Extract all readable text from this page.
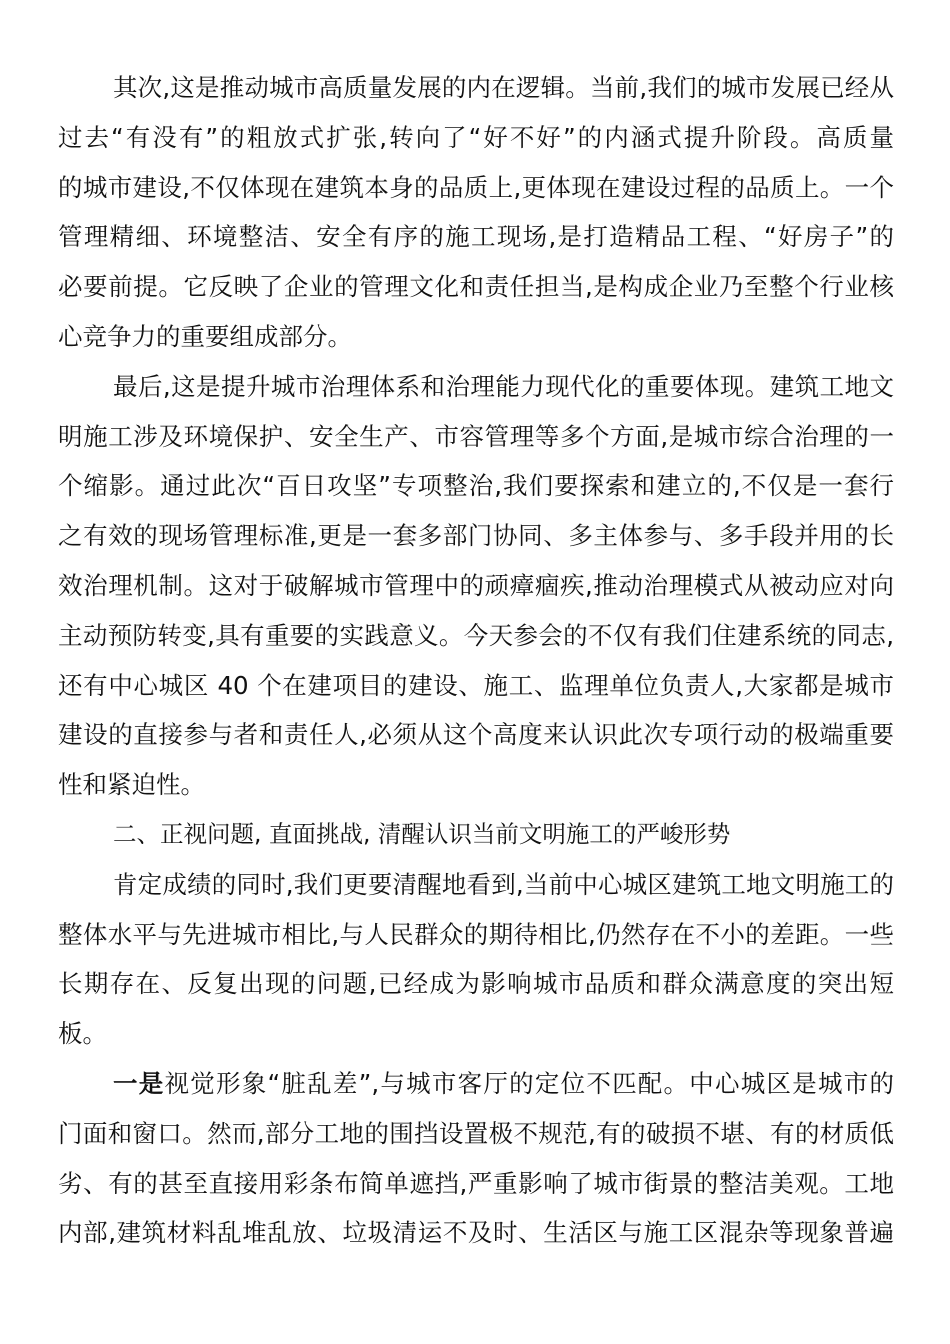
其次,这是推动城市高质量发展的内在逻辑。当前,我们的城市发展已经从
过去“有没有”的粗放式扩张,转向了“好不好”的内涵式提升阶段。高质量
的城市建设,不仅体现在建筑本身的品质上,更体现在建设过程的品质上。一个
管理精细、环境整洁、安全有序的施工现场,是打造精品工程、“好房子”的
必要前提。它反映了企业的管理文化和责任担当,是构成企业乃至整个行业核
心竞争力的重要组成部分。
最后,这是提升城市治理体系和治理能力现代化的重要体现。建筑工地文
明施工涉及环境保护、安全生产、市容管理等多个方面,是城市综合治理的一
个缩影。通过此次“百日攻坚”专项整治,我们要探索和建立的,不仅是一套行
之有效的现场管理标准,更是一套多部门协同、多主体参与、多手段并用的长
效治理机制。这对于破解城市管理中的顽瘴痼疾,推动治理模式从被动应对向
主动预防转变,具有重要的实践意义。今天参会的不仅有我们住建系统的同志,
还有中心城区 40 个在建项目的建设、施工、监理单位负责人,大家都是城市
建设的直接参与者和责任人,必须从这个高度来认识此次专项行动的极端重要
性和紧迫性。
二、正视问题, 直面挑战, 清醒认识当前文明施工的严峻形势
肯定成绩的同时,我们更要清醒地看到,当前中心城区建筑工地文明施工的
整体水平与先进城市相比,与人民群众的期待相比,仍然存在不小的差距。一些
长期存在、反复出现的问题,已经成为影响城市品质和群众满意度的突出短
板。
一是视觉形象“脏乱差”,与城市客厅的定位不匹配。中心城区是城市的
门面和窗口。然而,部分工地的围挡设置极不规范,有的破损不堪、有的材质低
劣、有的甚至直接用彩条布简单遮挡,严重影响了城市街景的整洁美观。工地
内部,建筑材料乱堆乱放、垃圾清运不及时、生活区与施工区混杂等现象普遍
